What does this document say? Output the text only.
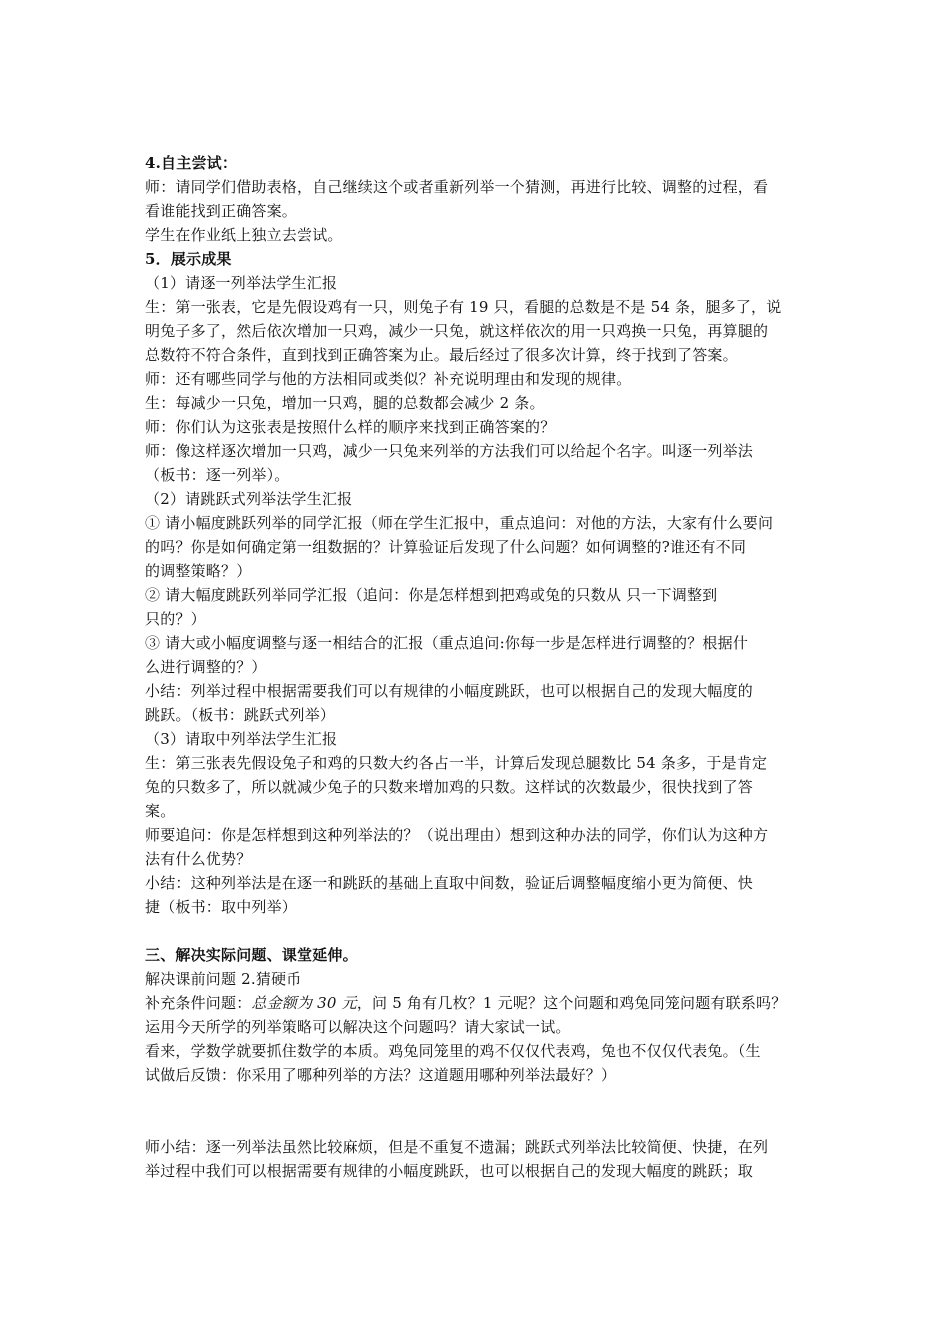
4.自主尝试：

师：请同学们借助表格，自己继续这个或者重新列举一个猜测，再进行比较、调整的过程，看

看谁能找到正确答案。

学生在作业纸上独立去尝试。

5．展示成果

（1）请逐一列举法学生汇报

生：第一张表，它是先假设鸡有一只，则兔子有 19 只，看腿的总数是不是 54 条，腿多了，说

明兔子多了，然后依次增加一只鸡，减少一只兔，就这样依次的用一只鸡换一只兔，再算腿的

总数符不符合条件，直到找到正确答案为止。最后经过了很多次计算，终于找到了答案。

师：还有哪些同学与他的方法相同或类似？补充说明理由和发现的规律。

生：每减少一只兔，增加一只鸡，腿的总数都会减少 2 条。

师：你们认为这张表是按照什么样的顺序来找到正确答案的？

师：像这样逐次增加一只鸡，减少一只兔来列举的方法我们可以给起个名字。叫逐一列举法

（板书：逐一列举）。

（2）请跳跃式列举法学生汇报

① 请小幅度跳跃列举的同学汇报（师在学生汇报中，重点追问：对他的方法，大家有什么要问

的吗？你是如何确定第一组数据的？计算验证后发现了什么问题？如何调整的?谁还有不同

的调整策略？）

② 请大幅度跳跃列举同学汇报（追问：你是怎样想到把鸡或兔的只数从 只一下调整到

只的？）

③ 请大或小幅度调整与逐一相结合的汇报（重点追问:你每一步是怎样进行调整的？根据什

么进行调整的？）

小结：列举过程中根据需要我们可以有规律的小幅度跳跃，也可以根据自己的发现大幅度的

跳跃。（板书：跳跃式列举）

（3）请取中列举法学生汇报

生：第三张表先假设兔子和鸡的只数大约各占一半，计算后发现总腿数比 54 条多，于是肯定

兔的只数多了，所以就减少兔子的只数来增加鸡的只数。这样试的次数最少，很快找到了答

案。

师要追问：你是怎样想到这种列举法的？（说出理由）想到这种办法的同学，你们认为这种方

法有什么优势？

小结：这种列举法是在逐一和跳跃的基础上直取中间数，验证后调整幅度缩小更为简便、快

捷（板书：取中列举）

三、解决实际问题、课堂延伸。

解决课前问题 2.猜硬币

补充条件问题：总金额为 30 元，问 5 角有几枚？1 元呢？这个问题和鸡兔同笼问题有联系吗？

运用今天所学的列举策略可以解决这个问题吗？请大家试一试。

看来，学数学就要抓住数学的本质。鸡兔同笼里的鸡不仅仅代表鸡，兔也不仅仅代表兔。（生

试做后反馈：你采用了哪种列举的方法？这道题用哪种列举法最好？）

师小结：逐一列举法虽然比较麻烦，但是不重复不遗漏；跳跃式列举法比较简便、快捷，在列

举过程中我们可以根据需要有规律的小幅度跳跃，也可以根据自己的发现大幅度的跳跃；取
